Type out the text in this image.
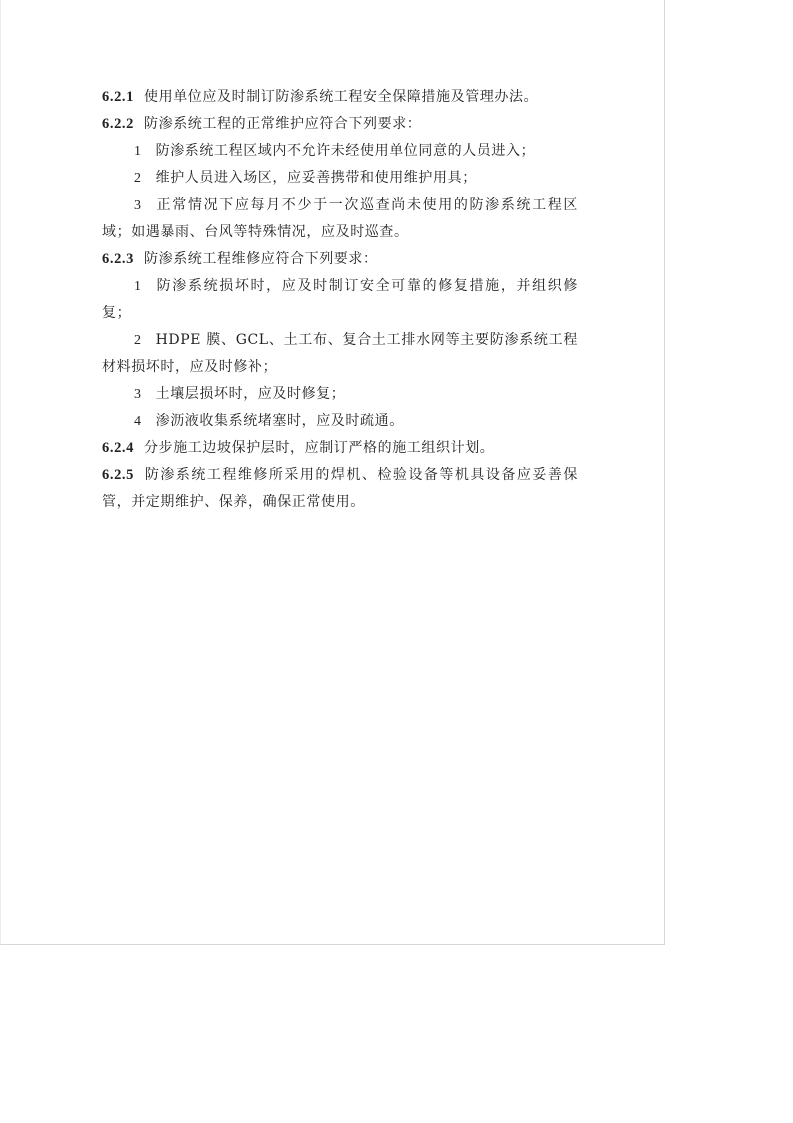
6.2.1 使用单位应及时制订防渗系统工程安全保障措施及管理办法。

6.2.2 防渗系统工程的正常维护应符合下列要求：

1 防渗系统工程区域内不允许未经使用单位同意的人员进入；

2 维护人员进入场区，应妥善携带和使用维护用具；

3 正常情况下应每月不少于一次巡查尚未使用的防渗系统工程区域；如遇暴雨、台风等特殊情况，应及时巡查。

6.2.3 防渗系统工程维修应符合下列要求：

1 防渗系统损坏时，应及时制订安全可靠的修复措施，并组织修复；

2 HDPE 膜、GCL、土工布、复合土工排水网等主要防渗系统工程材料损坏时，应及时修补；

3 土壤层损坏时，应及时修复；

4 渗沥液收集系统堵塞时，应及时疏通。

6.2.4 分步施工边坡保护层时，应制订严格的施工组织计划。

6.2.5 防渗系统工程维修所采用的焊机、检验设备等机具设备应妥善保管，并定期维护、保养，确保正常使用。
